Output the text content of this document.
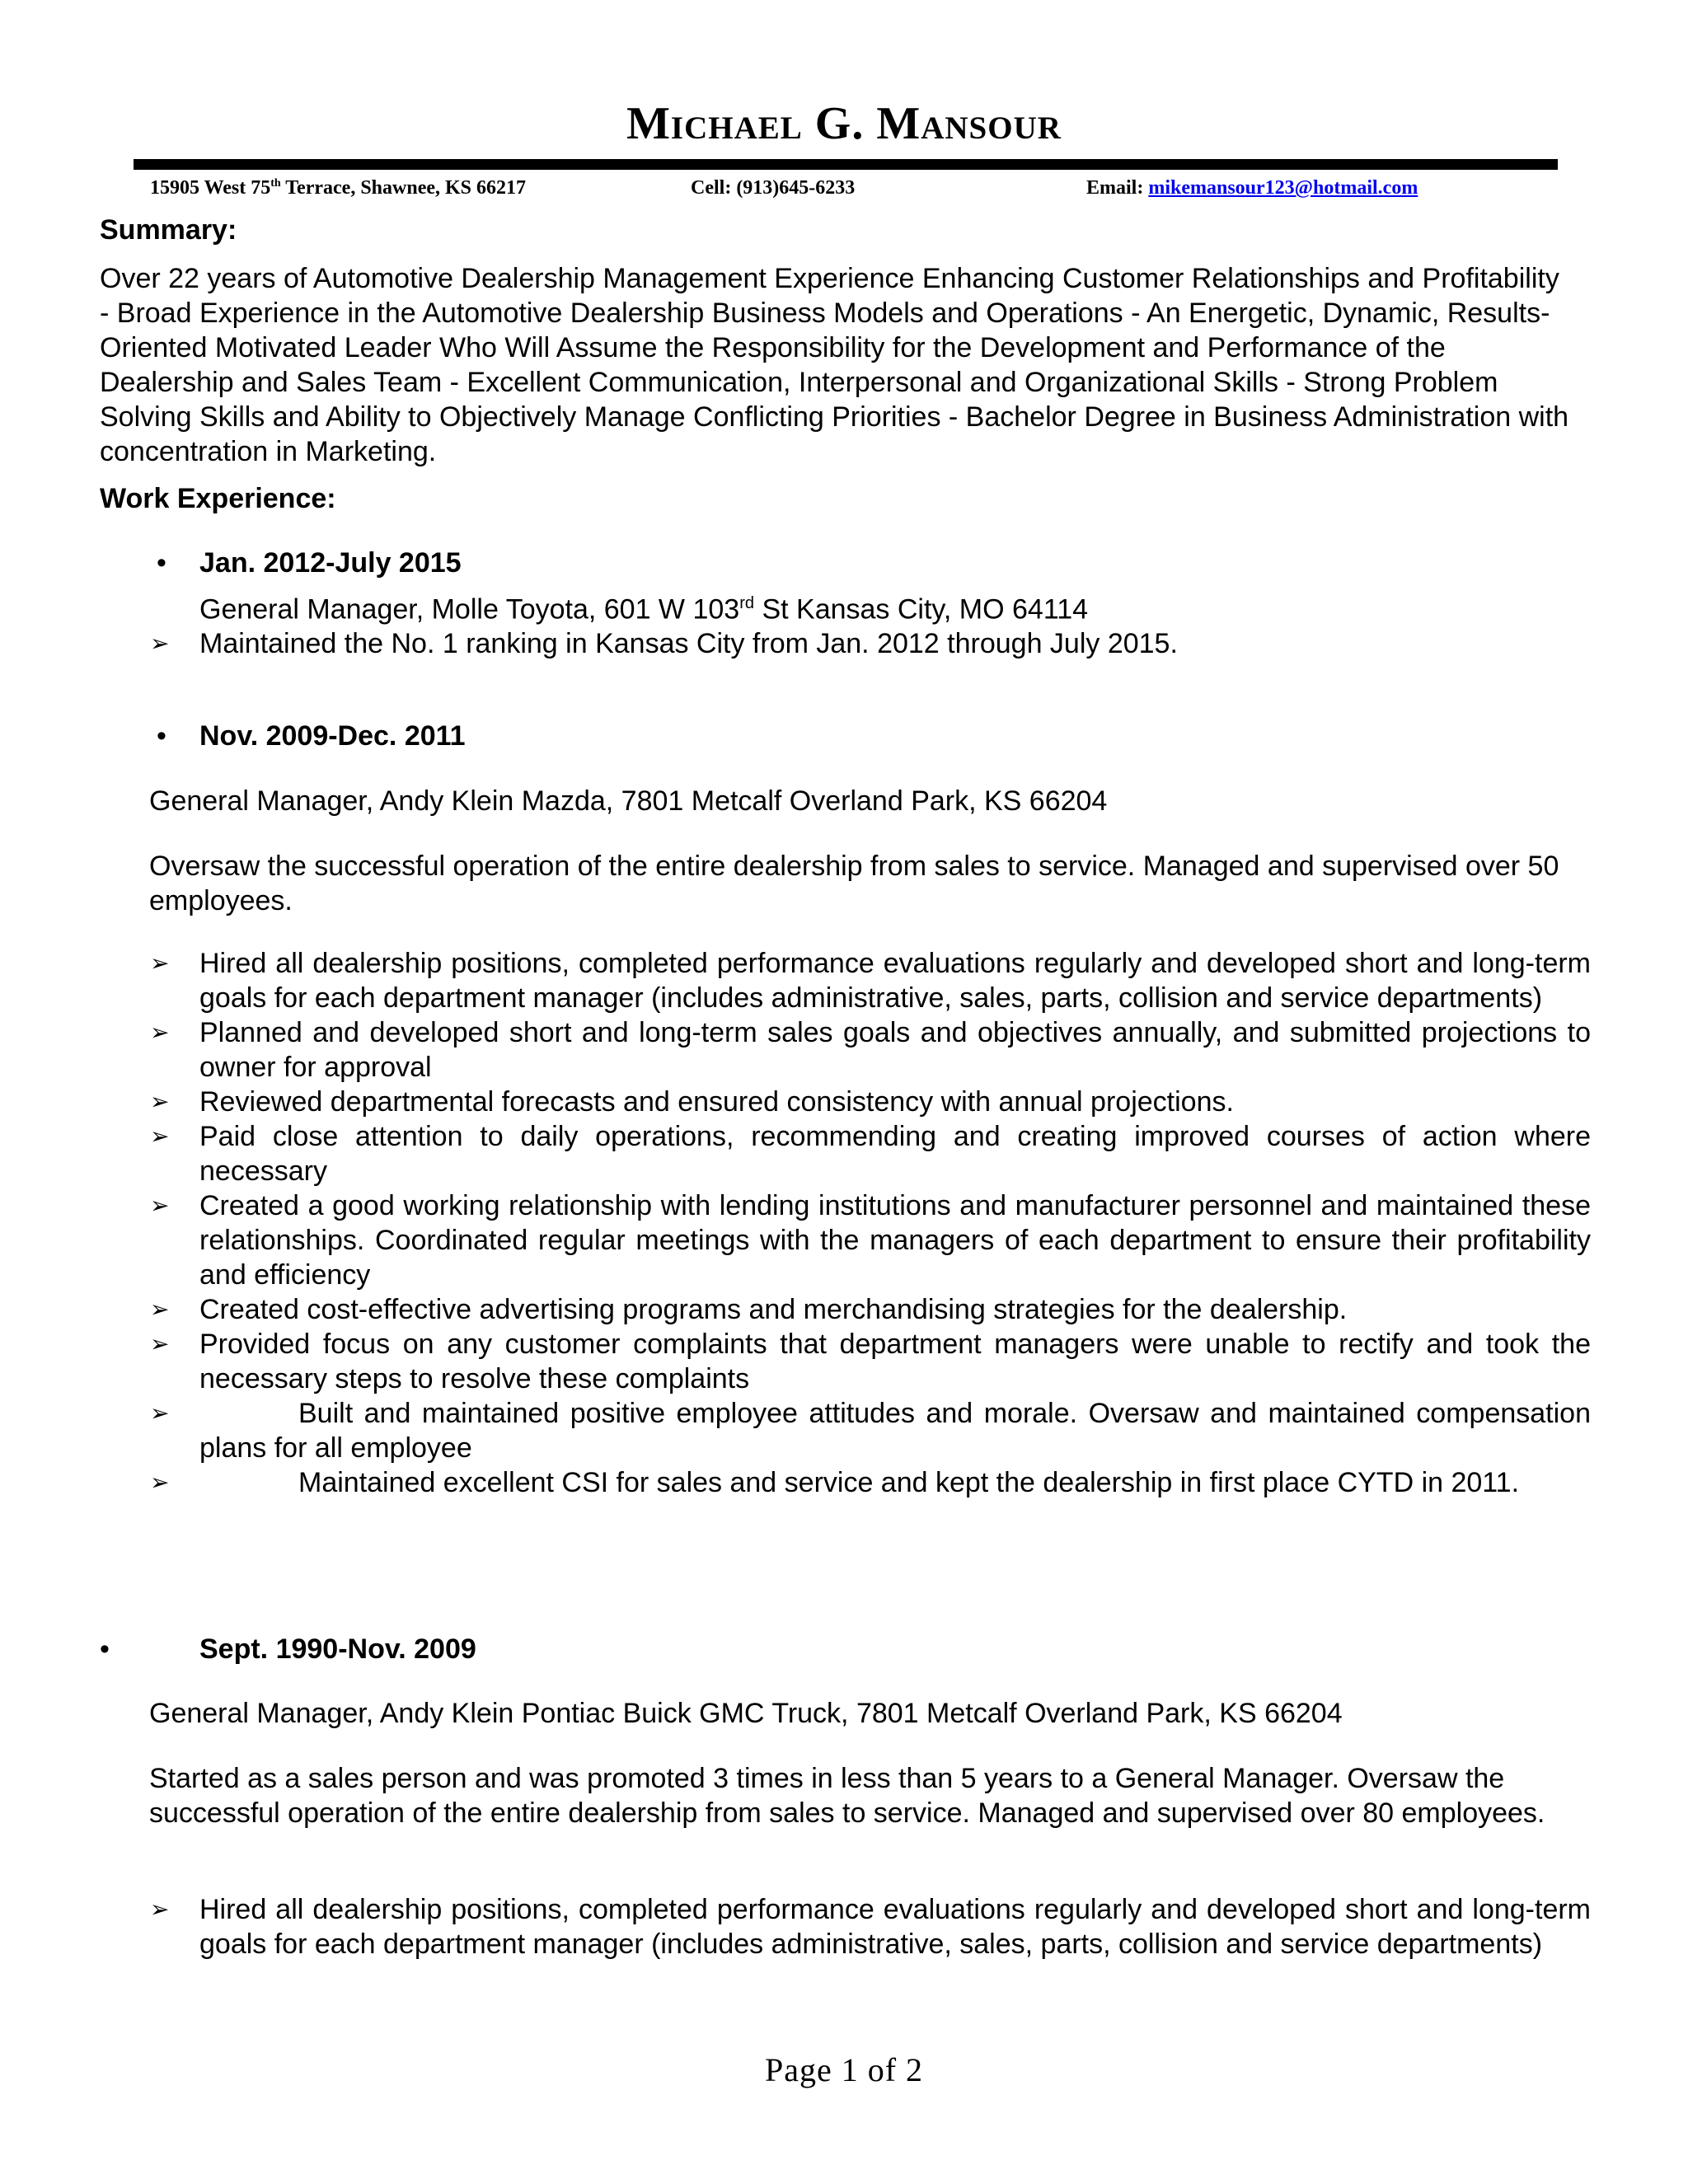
Michael G. Mansour
15905 West 75th Terrace, Shawnee, KS 66217	Cell: (913)645-6233	Email: mikemansour123@hotmail.com
Summary:
Over 22 years of Automotive Dealership Management Experience Enhancing Customer Relationships and Profitability - Broad Experience in the Automotive Dealership Business Models and Operations - An Energetic, Dynamic, Results-Oriented Motivated Leader Who Will Assume the Responsibility for the Development and Performance of the Dealership and Sales Team - Excellent Communication, Interpersonal and Organizational Skills - Strong Problem Solving Skills and Ability to Objectively Manage Conflicting Priorities - Bachelor Degree in Business Administration with concentration in Marketing.
Work Experience:
• Jan. 2012-July 2015
General Manager, Molle Toyota, 601 W 103rd St Kansas City, MO 64114
➢ Maintained the No. 1 ranking in Kansas City from Jan. 2012 through July 2015.
• Nov. 2009-Dec. 2011
General Manager, Andy Klein Mazda, 7801 Metcalf Overland Park, KS 66204
Oversaw the successful operation of the entire dealership from sales to service. Managed and supervised over 50 employees.
➢ Hired all dealership positions, completed performance evaluations regularly and developed short and long-term goals for each department manager (includes administrative, sales, parts, collision and service departments)
➢ Planned and developed short and long-term sales goals and objectives annually, and submitted projections to owner for approval
➢ Reviewed departmental forecasts and ensured consistency with annual projections.
➢ Paid close attention to daily operations, recommending and creating improved courses of action where necessary
➢ Created a good working relationship with lending institutions and manufacturer personnel and maintained these relationships. Coordinated regular meetings with the managers of each department to ensure their profitability and efficiency
➢ Created cost-effective advertising programs and merchandising strategies for the dealership.
➢ Provided focus on any customer complaints that department managers were unable to rectify and took the necessary steps to resolve these complaints
➢ Built and maintained positive employee attitudes and morale. Oversaw and maintained compensation plans for all employee
➢ Maintained excellent CSI for sales and service and kept the dealership in first place CYTD in 2011.
•	Sept. 1990-Nov. 2009
General Manager, Andy Klein Pontiac Buick GMC Truck, 7801 Metcalf Overland Park, KS 66204
Started as a sales person and was promoted 3 times in less than 5 years to a General Manager. Oversaw the successful operation of the entire dealership from sales to service. Managed and supervised over 80 employees.
➢ Hired all dealership positions, completed performance evaluations regularly and developed short and long-term goals for each department manager (includes administrative, sales, parts, collision and service departments)
Page 1 of 2
